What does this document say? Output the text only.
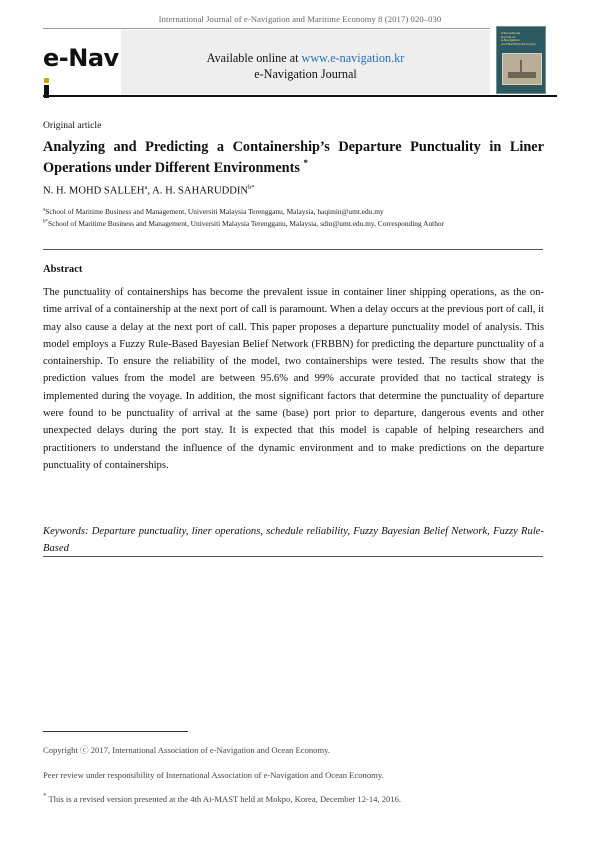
International Journal of e-Navigation and Maritime Economy 8 (2017) 020–030
e-Nav	Available online at www.e-navigation.kr
e-Navigation Journal
International
Journal of
e-Navigation
and Maritime Economy
Original article
Analyzing and Predicting a Containership’s Departure Punctuality in Liner Operations under Different Environments *
N. H. MOHD SALLEH$^a$, A. H. $SAHARUDDIN^{b*}$
$^a$School of Maritime Business and Management, Universiti Malaysia Terengganu, Malaysia, haqimin@umt.edu.my
$^{b*}$School of Maritime Business and Management, Universiti Malaysia Terengganu, Malaysia, sdin@umt.edu.my, Corresponding Author
Abstract
The punctuality of containerships has become the prevalent issue in container liner shipping operations, as the on-time arrival of a containership at the next port of call is paramount. When a delay occurs at the previous port of call, it may also cause a delay at the next port of call. This paper proposes a departure punctuality model of analysis. This model employs a Fuzzy Rule-Based Bayesian Belief Network (FRBBN) for predicting the departure punctuality of a containership. To ensure the reliability of the model, two containerships were tested. The results show that the prediction values from the model are between 95.6% and 99% accurate provided that no tactical strategy is implemented during the voyage. In addition, the most significant factors that determine the punctuality of departure were found to be punctuality of arrival at the same (base) port prior to departure, dangerous events and other unexpected delays during the port stay. It is expected that this model is capable of helping researchers and practitioners to understand the influence of the dynamic environment and to make predictions on the departure punctuality of containerships.
Keywords: Departure punctuality, liner operations, schedule reliability, Fuzzy Bayesian Belief Network, Fuzzy Rule-Based
Copyright ⓒ 2017, International Association of e-Navigation and Ocean Economy.
Peer review under responsibility of International Association of e-Navigation and Ocean Economy.
* This is a revised version presented at the 4th Ai-MAST held at Mokpo, Korea, December 12-14, 2016.
